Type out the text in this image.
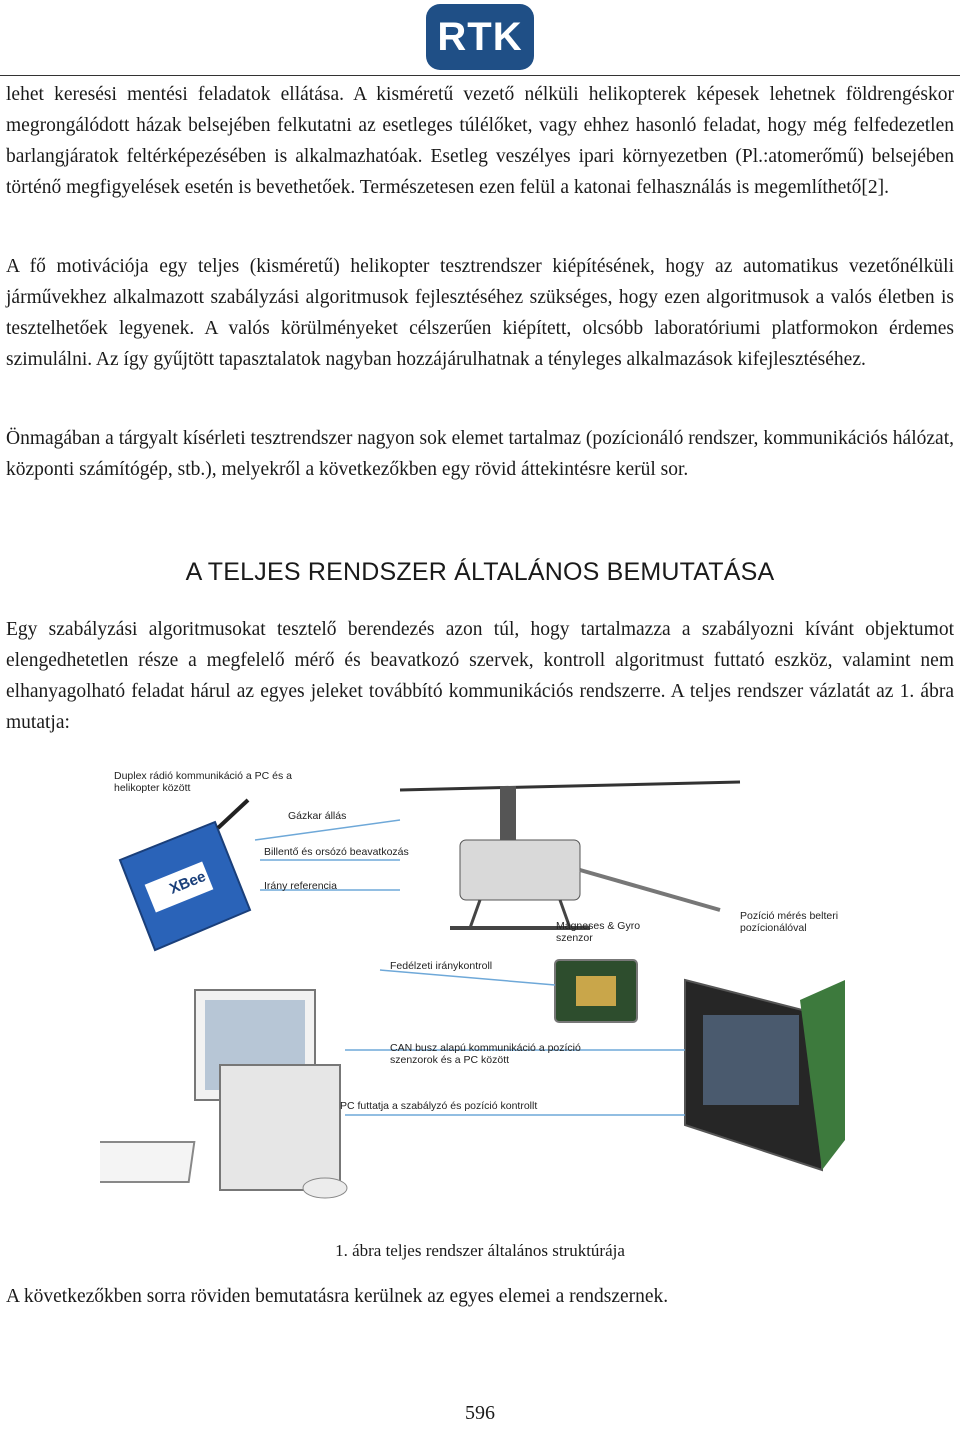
RTK

lehet keresési mentési feladatok ellátása. A kisméretű vezető nélküli helikopterek képesek lehetnek földrengéskor megrongálódott házak belsejében felkutatni az esetleges túlélőket, vagy ehhez hasonló feladat, hogy még felfedezetlen barlangjáratok feltérképezésében is alkalmazhatóak. Esetleg veszélyes ipari környezetben (Pl.:atomerőmű) belsejében történő megfigyelések esetén is bevethetőek. Természetesen ezen felül a katonai felhasználás is megemlíthető[2].

A fő motivációja egy teljes (kisméretű) helikopter tesztrendszer kiépítésének, hogy az automatikus vezetőnélküli járművekhez alkalmazott szabályzási algoritmusok fejlesztéséhez szükséges, hogy ezen algoritmusok a valós életben is tesztelhetőek legyenek. A valós körülményeket célszerűen kiépített, olcsóbb laboratóriumi platformokon érdemes szimulálni. Az így gyűjtött tapasztalatok nagyban hozzájárulhatnak a tényleges alkalmazások kifejlesztéséhez.

Önmagában a tárgyalt kísérleti tesztrendszer nagyon sok elemet tartalmaz (pozícionáló rendszer, kommunikációs hálózat, központi számítógép, stb.), melyekről a következőkben egy rövid áttekintésre kerül sor.

A TELJES RENDSZER ÁLTALÁNOS BEMUTATÁSA

Egy szabályzási algoritmusokat tesztelő berendezés azon túl, hogy tartalmazza a szabályozni kívánt objektumot elengedhetetlen része a megfelelő mérő és beavatkozó szervek, kontroll algoritmust futtató eszköz, valamint nem elhanyagolható feladat hárul az egyes jeleket továbbító kommunikációs rendszerre. A teljes rendszer vázlatát az 1. ábra mutatja:

XBee

Duplex rádió kommunikáció a PC és a helikopter között

Gázkar állás

Billentő és orsózó beavatkozás

Irány referencia

Mágneses & Gyro szenzor

Fedélzeti iránykontroll

Pozíció mérés belteri pozícionálóval

CAN busz alapú kommunikáció a pozíció szenzorok és a PC között

PC futtatja a szabályzó és pozíció kontrollt

1. ábra teljes rendszer általános struktúrája

A következőkben sorra röviden bemutatásra kerülnek az egyes elemei a rendszernek.

596
